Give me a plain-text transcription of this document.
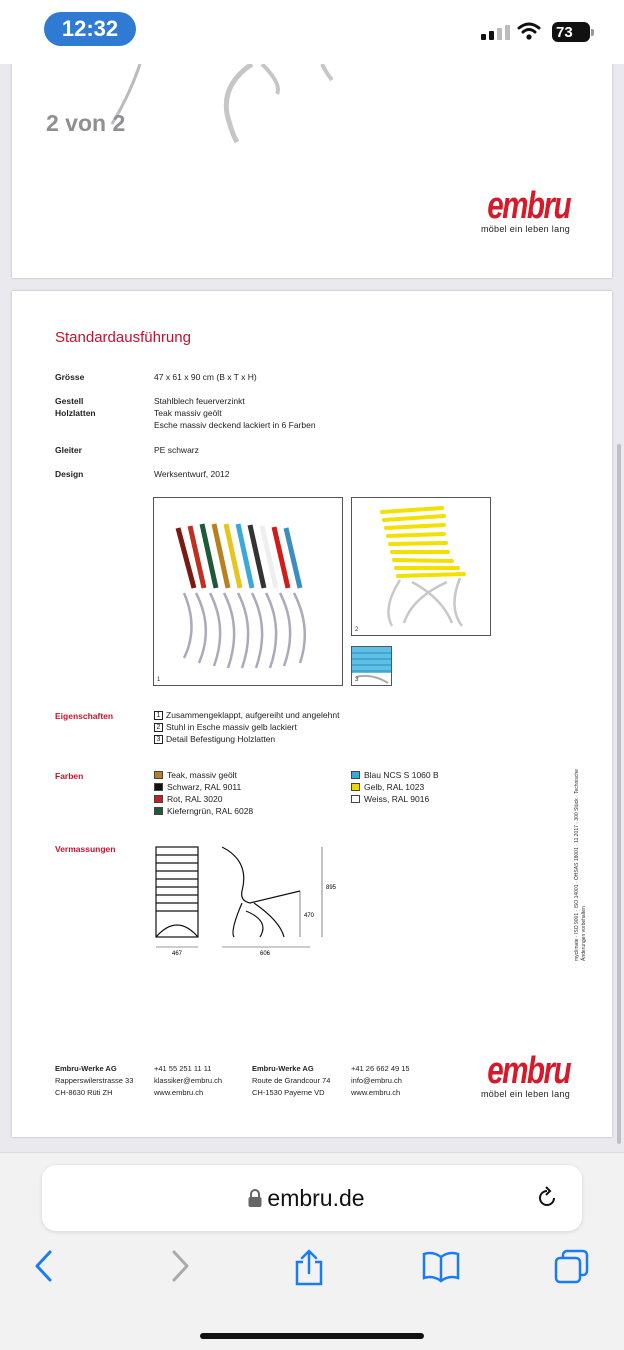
12:32	73
2 von 2
embru
möbel ein leben lang
Standardausführung
Grösse	47 x 61 x 90 cm (B x T x H)
Gestell	Stahlblech feuerverzinkt
Holzlatten	Teak massiv geölt
Esche massiv deckend lackiert in 6 Farben
Gleiter	PE schwarz
Design	Werksentwurf, 2012
1
2
3
Eigenschaften	1 Zusammengeklappt, aufgereiht und angelehnt
2 Stuhl in Esche massiv gelb lackiert
3 Detail Befestigung Holzlatten
Farben	Teak, massiv geölt
Schwarz, RAL 9011
Rot, RAL 3020
Kieferngrün, RAL 6028
Blau NCS S 1060 B
Gelb, RAL 1023
Weiss, RAL 9016
Vermassungen
467	606
470
895
myclimate · ISO 9001 · ISO 14001 · OHSAS 18001 · 11.2017 · 300 Stück · Technische Änderungen vorbehalten
Embru-Werke AG
Rapperswilerstrasse 33
CH-8630 Rüti ZH
+41 55 251 11 11
klassiker@embru.ch
www.embru.ch
Embru-Werke AG
Route de Grandcour 74
CH-1530 Payerne VD
+41 26 662 49 15
info@embru.ch
www.embru.ch
embru
möbel ein leben lang
embru.de
